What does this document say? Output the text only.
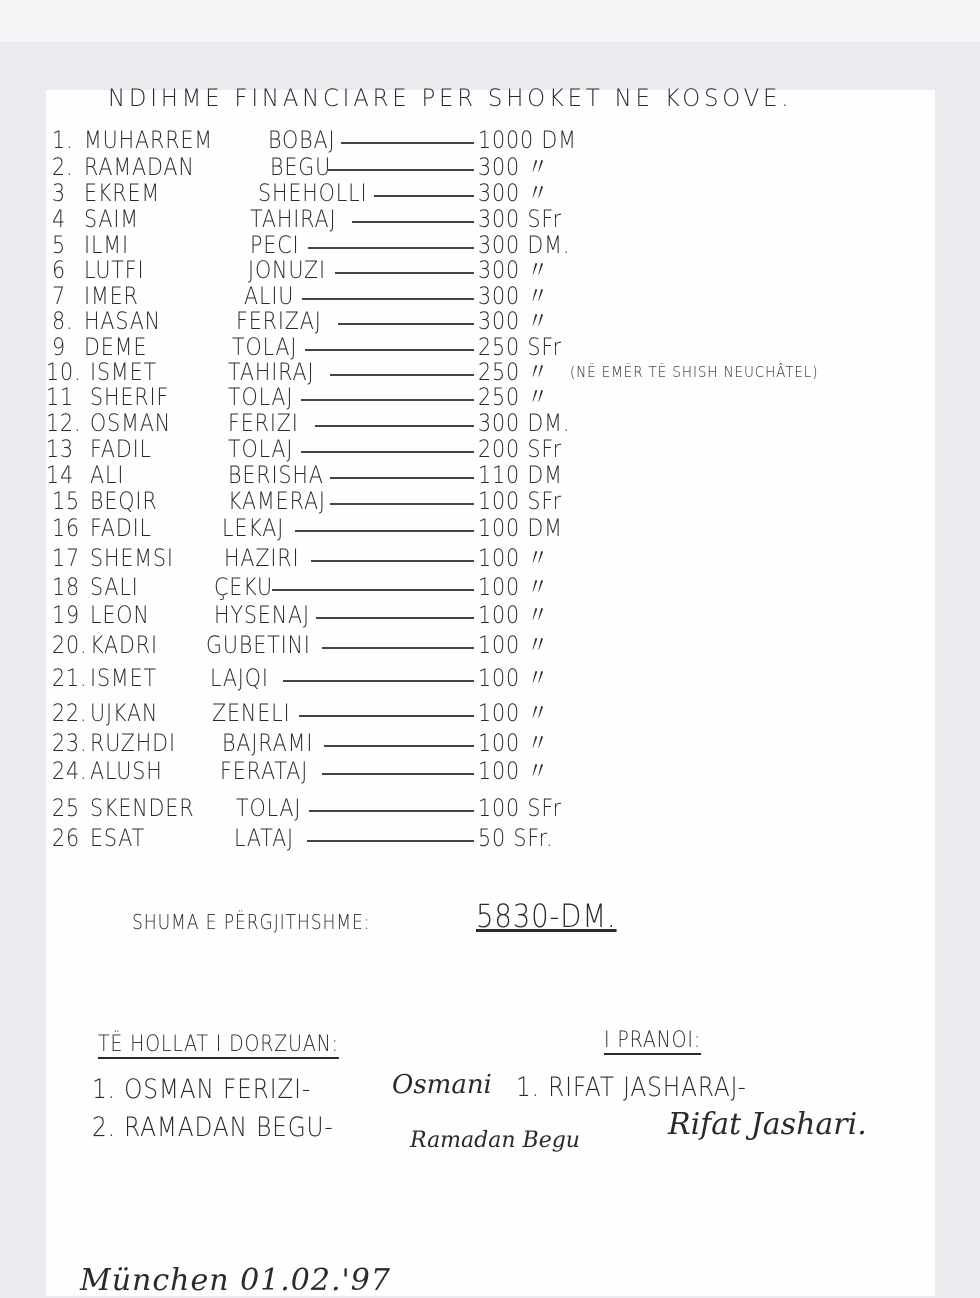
NDIHME FINANCIARE PER SHOKET NE KOSOVE.
1. MUHARREM BOBAJ	1000 DM
2. RAMADAN	BEGU	300 〃
3 EKREM	SHEHOLLI	300 〃
4 SAIM	TAHIRAJ	300 SFr
5 ILMI	PECI	300 DM.
6 LUTFI	JONUZI	300 〃
7 IMER	ALIU	300 〃
8. HASAN	FERIZAJ	300 〃
9 DEME	TOLAJ	250 SFr
10. ISMET	TAHIRAJ	250 〃 (NË EMËR TË SHISH NEUCHÂTEL)
11 SHERIF TOLAJ	250 〃
12. OSMAN FERIZI	300 DM.
13 FADIL	TOLAJ	200 SFr
14 ALI	BERISHA	110 DM
15 BEQIR	KAMERAJ	100 SFr
16 FADIL	LEKAJ	100 DM
17 SHEMSI HAZIRI	100 〃
18 SALI	ÇEKU	100 〃
19 LEON	HYSENAJ	100 〃
20. KADRI GUBETINI	100 〃
21. ISMET LAJQI	100 〃
22. UJKAN ZENELI	100 〃
23. RUZHDI BAJRAMI	100 〃
24. ALUSH FERATAJ	100 〃
25 SKENDER TOLAJ	100 SFr
26 ESAT	LATAJ	50 SFr.
SHUMA E PËRGJITHSHME:	5830-DM.
TË HOLLAT I DORZUAN:
1. OSMAN FERIZI-
2. RAMADAN BEGU-
Osmani
Ramadan Begu
I PRANOI:
1. RIFAT JASHARAJ-
Rifat Jashari.
München 01.02.'97
